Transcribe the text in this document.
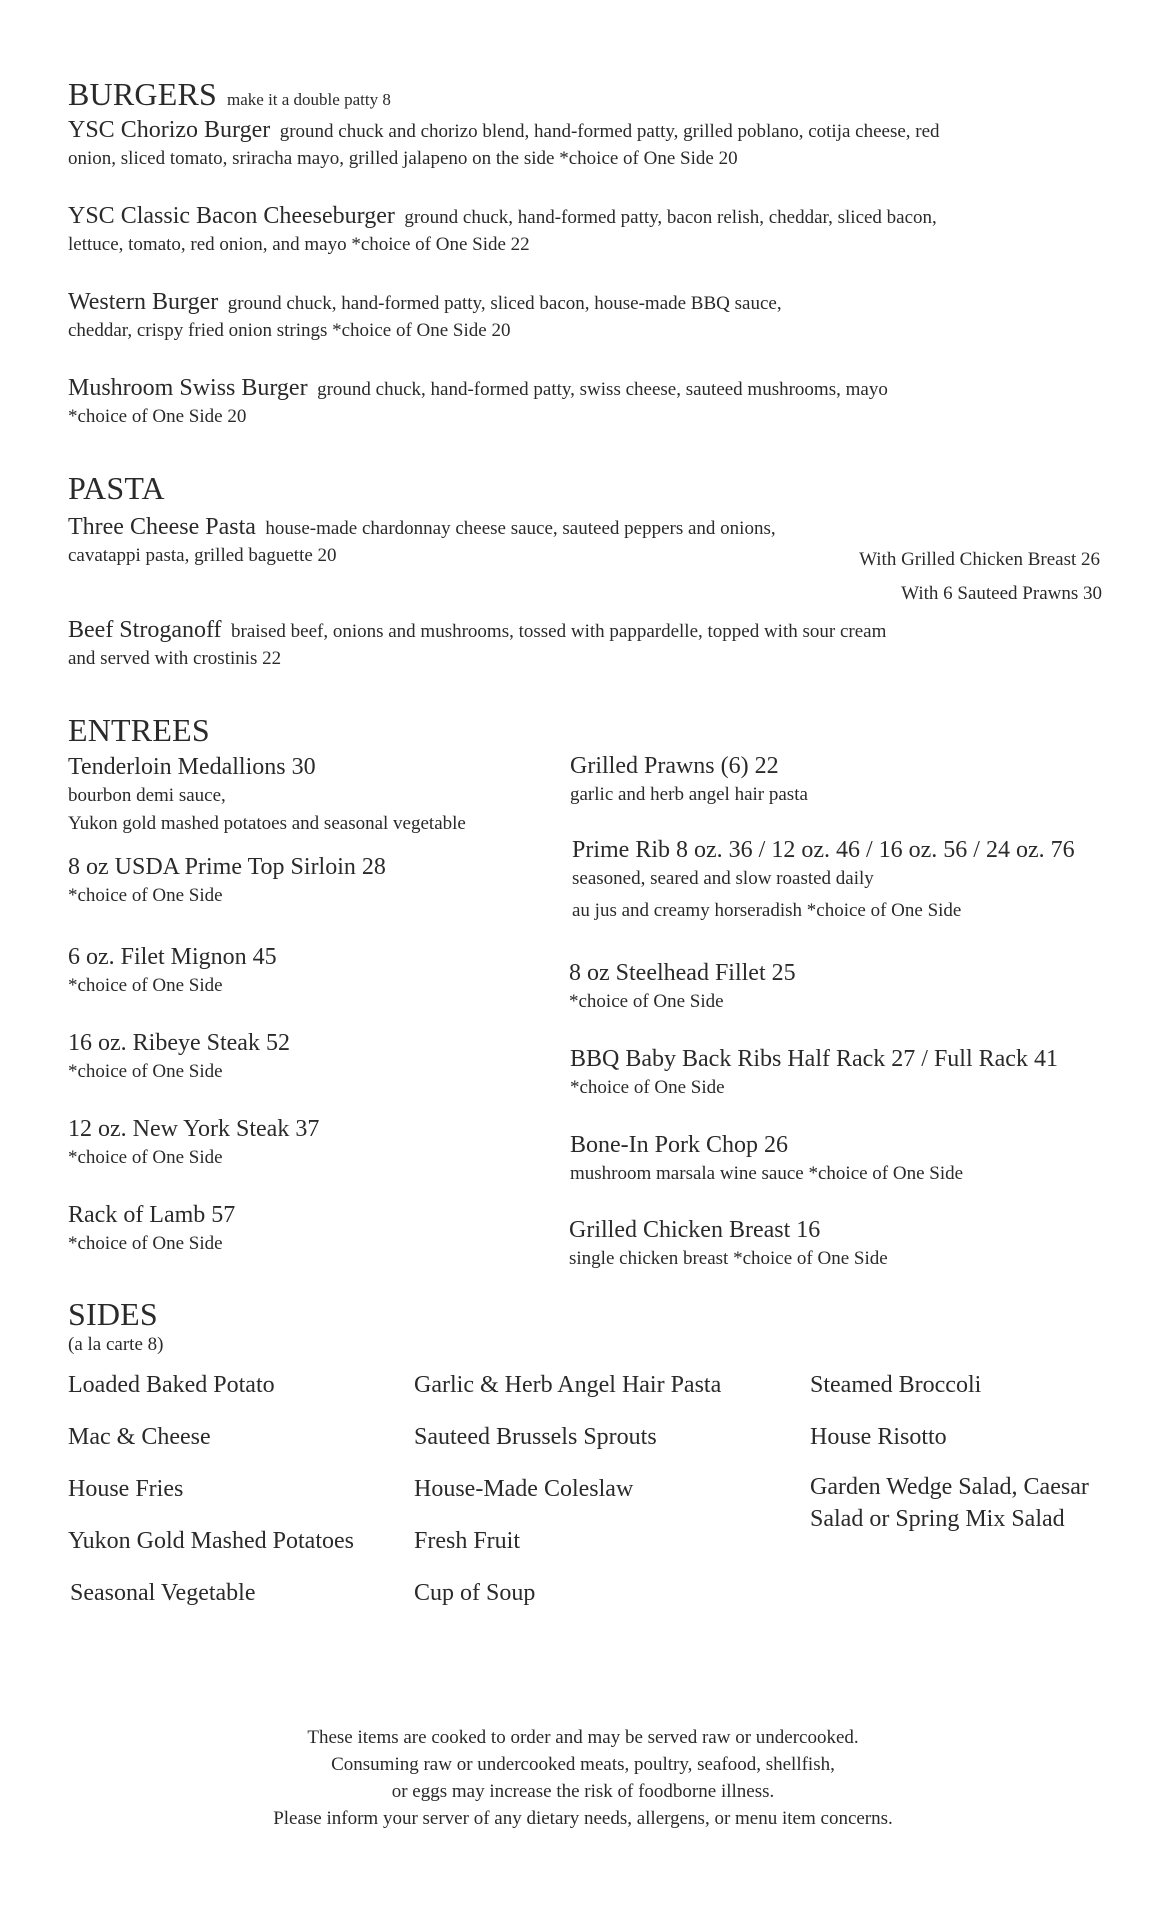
BURGERS make it a double patty 8
YSC Chorizo Burger ground chuck and chorizo blend, hand-formed patty, grilled poblano, cotija cheese, red
onion, sliced tomato, sriracha mayo, grilled jalapeno on the side *choice of One Side 20
YSC Classic Bacon Cheeseburger ground chuck, hand-formed patty, bacon relish, cheddar, sliced bacon,
lettuce, tomato, red onion, and mayo *choice of One Side 22
Western Burger ground chuck, hand-formed patty, sliced bacon, house-made BBQ sauce,
cheddar, crispy fried onion strings *choice of One Side 20
Mushroom Swiss Burger ground chuck, hand-formed patty, swiss cheese, sauteed mushrooms, mayo
*choice of One Side 20
PASTA
Three Cheese Pasta house-made chardonnay cheese sauce, sauteed peppers and onions,
cavatappi pasta, grilled baguette 20	With Grilled Chicken Breast 26
With 6 Sauteed Prawns 30
Beef Stroganoff braised beef, onions and mushrooms, tossed with pappardelle, topped with sour cream
and served with crostinis 22
ENTREES
Tenderloin Medallions 30
bourbon demi sauce,
Yukon gold mashed potatoes and seasonal vegetable
8 oz USDA Prime Top Sirloin 28
*choice of One Side
6 oz. Filet Mignon 45
*choice of One Side
16 oz. Ribeye Steak 52
*choice of One Side
12 oz. New York Steak 37
*choice of One Side
Rack of Lamb 57
*choice of One Side
Grilled Prawns (6) 22
garlic and herb angel hair pasta
Prime Rib 8 oz. 36 / 12 oz. 46 / 16 oz. 56 / 24 oz. 76
seasoned, seared and slow roasted daily
au jus and creamy horseradish *choice of One Side
8 oz Steelhead Fillet 25
*choice of One Side
BBQ Baby Back Ribs Half Rack 27 / Full Rack 41
*choice of One Side
Bone-In Pork Chop 26
mushroom marsala wine sauce *choice of One Side
Grilled Chicken Breast 16
single chicken breast *choice of One Side
SIDES
(a la carte 8)
Loaded Baked Potato
Mac & Cheese
House Fries
Yukon Gold Mashed Potatoes
Seasonal Vegetable
Garlic & Herb Angel Hair Pasta
Sauteed Brussels Sprouts
House-Made Coleslaw
Fresh Fruit
Cup of Soup
Steamed Broccoli
House Risotto
Garden Wedge Salad, Caesar
Salad or Spring Mix Salad
These items are cooked to order and may be served raw or undercooked.
Consuming raw or undercooked meats, poultry, seafood, shellfish,
or eggs may increase the risk of foodborne illness.
Please inform your server of any dietary needs, allergens, or menu item concerns.
